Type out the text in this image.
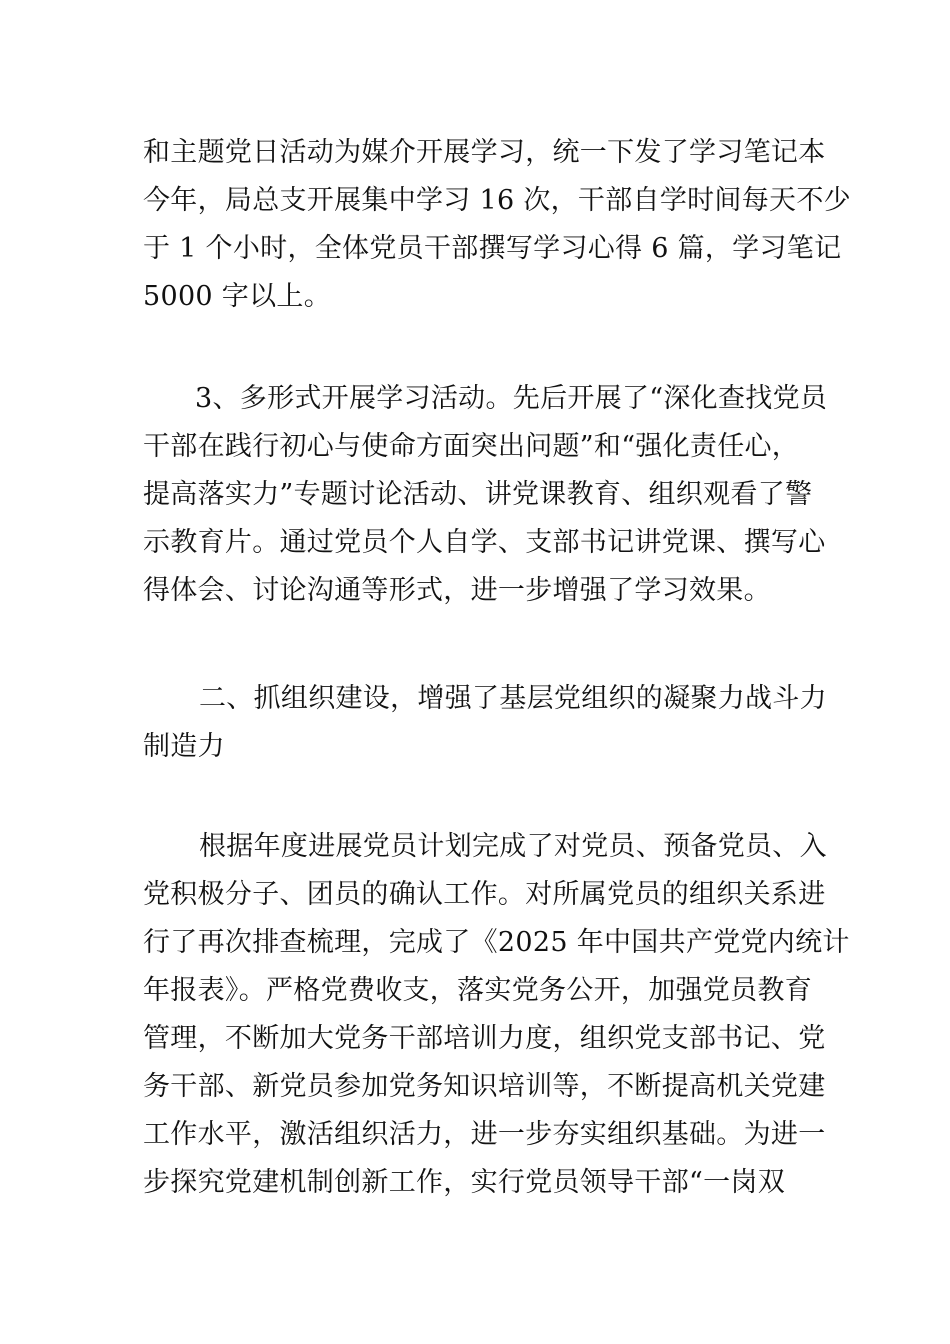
和主题党日活动为媒介开展学习，统一下发了学习笔记本
今年，局总支开展集中学习 16 次，干部自学时间每天不少
于 1 个小时，全体党员干部撰写学习心得 6 篇，学习笔记
5000 字以上。
3、多形式开展学习活动。先后开展了“深化查找党员
干部在践行初心与使命方面突出问题”和“强化责任心，
提高落实力”专题讨论活动、讲党课教育、组织观看了警
示教育片。通过党员个人自学、支部书记讲党课、撰写心
得体会、讨论沟通等形式，进一步增强了学习效果。
二、抓组织建设，增强了基层党组织的凝聚力战斗力
制造力
根据年度进展党员计划完成了对党员、预备党员、入
党积极分子、团员的确认工作。对所属党员的组织关系进
行了再次排查梳理，完成了《2025 年中国共产党党内统计
年报表》。严格党费收支，落实党务公开，加强党员教育
管理，不断加大党务干部培训力度，组织党支部书记、党
务干部、新党员参加党务知识培训等，不断提高机关党建
工作水平，激活组织活力，进一步夯实组织基础。为进一
步探究党建机制创新工作，实行党员领导干部“一岗双
